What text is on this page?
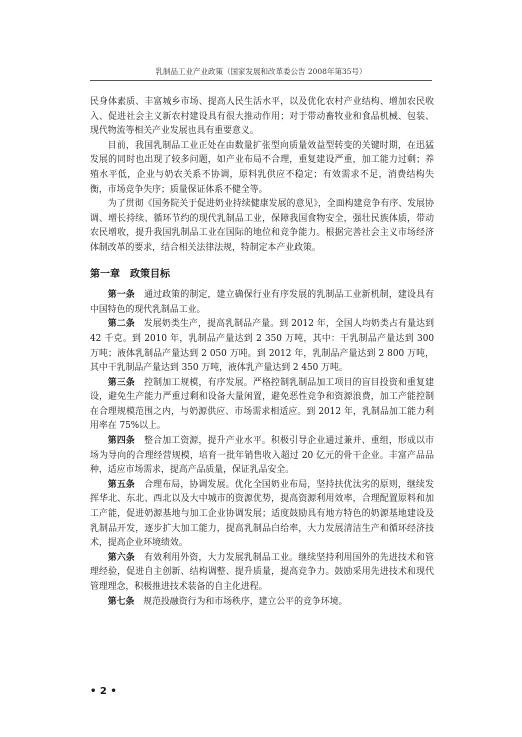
乳制品工业产业政策（国家发展和改革委公告 2008年第35号）

民身体素质、丰富城乡市场、提高人民生活水平，以及优化农村产业结构、增加农民收入、促进社会主义新农村建设具有很大推动作用；对于带动畜牧业和食品机械、包装、现代物流等相关产业发展也具有重要意义。

目前，我国乳制品工业正处在由数量扩张型向质量效益型转变的关键时期，在迅猛发展的同时也出现了较多问题，如产业布局不合理，重复建设严重，加工能力过剩；养殖水平低，企业与奶农关系不协调，原料乳供应不稳定；有效需求不足，消费结构失衡，市场竞争失序；质量保证体系不健全等。

为了贯彻《国务院关于促进奶业持续健康发展的意见》，全面构建竞争有序、发展协调、增长持续、循环节约的现代乳制品工业，保障我国食物安全，强壮民族体质，带动农民增收，提升我国乳制品工业在国际的地位和竞争能力。根据完善社会主义市场经济体制改革的要求，结合相关法律法规，特制定本产业政策。

第一章　政策目标

第一条　通过政策的制定，建立确保行业有序发展的乳制品工业新机制，建设具有中国特色的现代乳制品工业。

第二条　发展奶类生产，提高乳制品产量。到 2012 年，全国人均奶类占有量达到 42 千克。到 2010 年，乳制品产量达到 2 350 万吨，其中：干乳制品产量达到 300 万吨；液体乳制品产量达到 2 050 万吨。到 2012 年，乳制品产量达到 2 800 万吨，其中干乳制品产量达到 350 万吨，液体乳产量达到 2 450 万吨。

第三条　控制加工规模，有序发展。严格控制乳制品加工项目的盲目投资和重复建设，避免生产能力严重过剩和设备大量闲置，避免恶性竞争和资源浪费，加工产能控制在合理规模范围之内，与奶源供应、市场需求相适应。到 2012 年，乳制品加工能力利用率在 75%以上。

第四条　整合加工资源，提升产业水平。积极引导企业通过兼并、重组，形成以市场为导向的合理经营规模，培育一批年销售收入超过 20 亿元的骨干企业。丰富产品品种，适应市场需求，提高产品质量，保证乳品安全。

第五条　合理布局，协调发展。优化全国奶业布局，坚持扶优汰劣的原则，继续发挥华北、东北、西北以及大中城市的资源优势，提高资源利用效率，合理配置原料和加工产能，促进奶源基地与加工企业协调发展；适度鼓励具有地方特色的奶源基地建设及乳制品开发，逐步扩大加工能力，提高乳制品白给率，大力发展清洁生产和循环经济技术，提高企业环境绩效。

第六条　有效利用外资，大力发展乳制品工业。继续坚持利用国外的先进技术和管理经验，促进自主创新、结构调整、提升质量，提高竞争力。鼓励采用先进技术和现代管理理念，积极推进技术装备的自主化进程。

第七条　规范投融资行为和市场秩序，建立公平的竞争环境。

• 2 •
